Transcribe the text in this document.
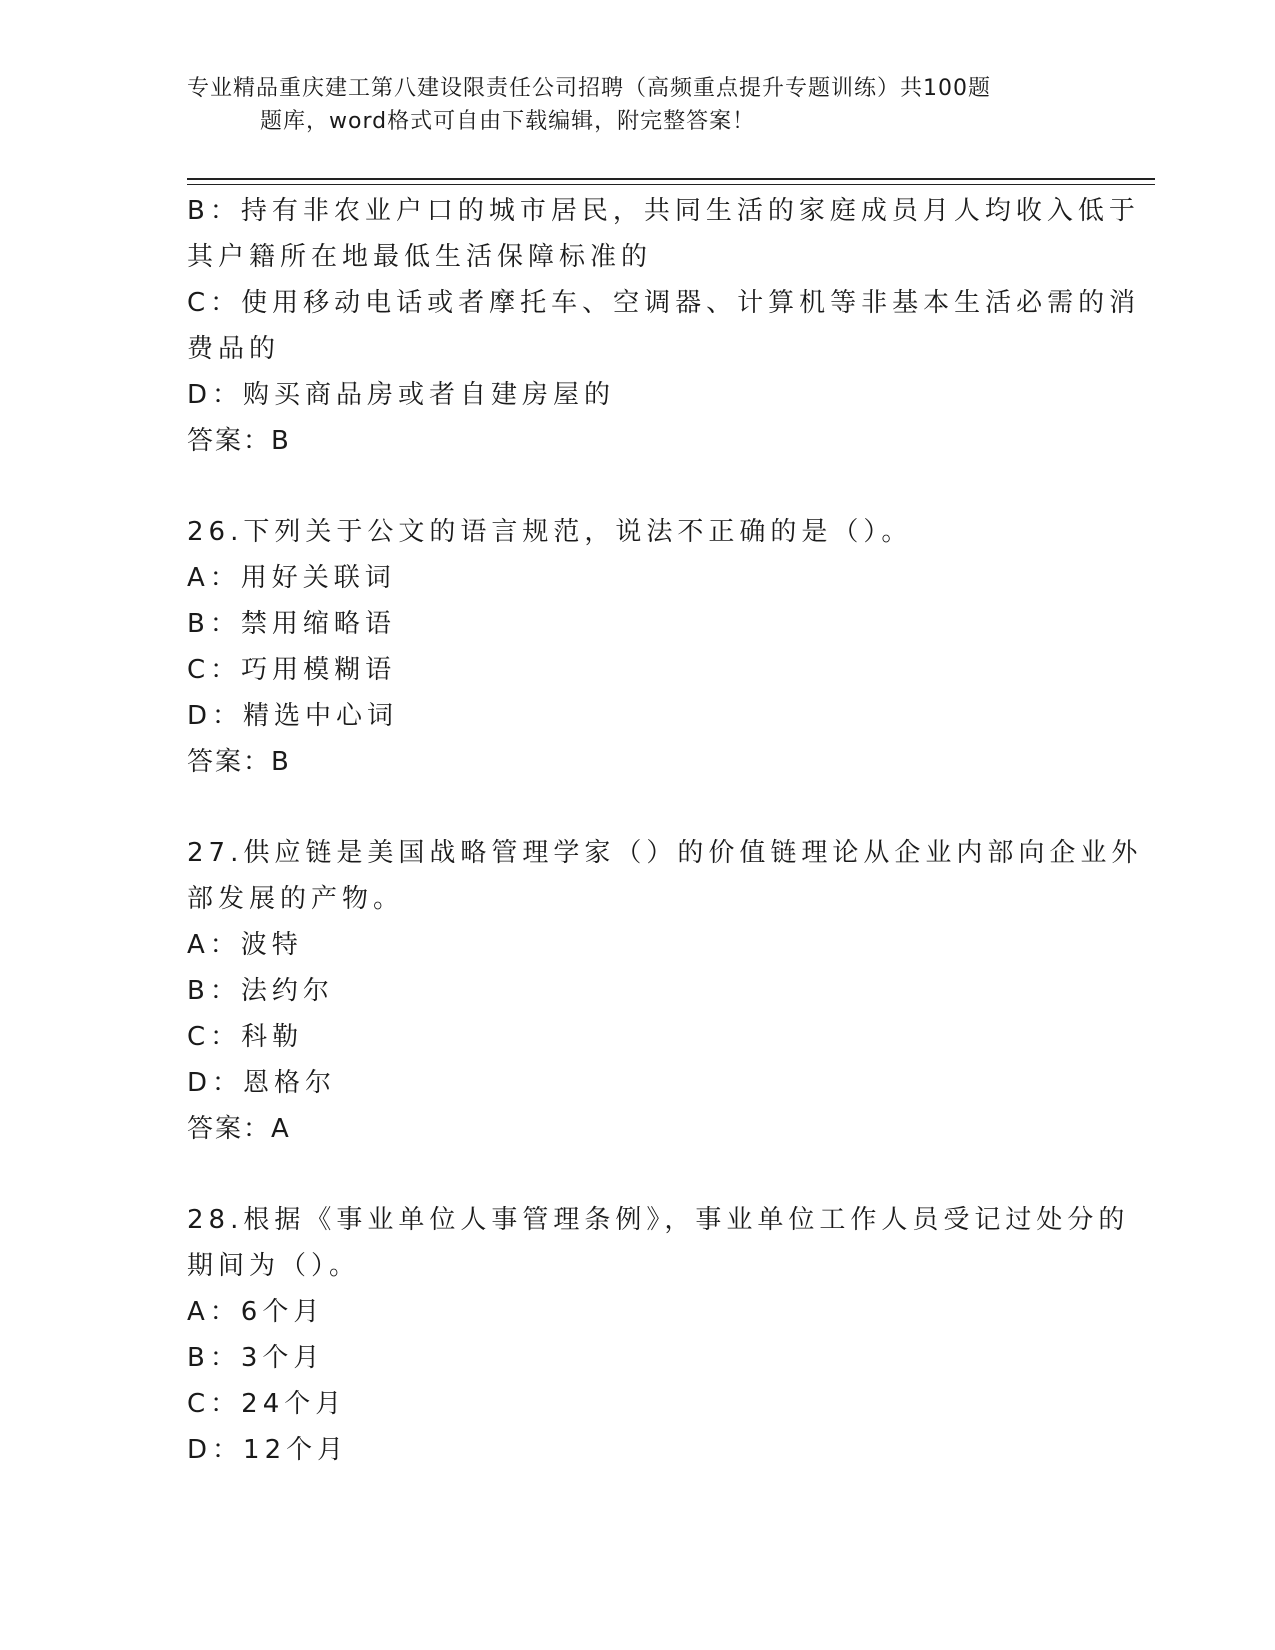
专业精品重庆建工第八建设限责任公司招聘（高频重点提升专题训练）共100题
题库，word格式可自由下载编辑，附完整答案！
B：持有非农业户口的城市居民，共同生活的家庭成员月人均收入低于
其户籍所在地最低生活保障标准的
C：使用移动电话或者摩托车、空调器、计算机等非基本生活必需的消
费品的
D：购买商品房或者自建房屋的
答案：B
26.下列关于公文的语言规范，说法不正确的是（）。
A：用好关联词
B：禁用缩略语
C：巧用模糊语
D：精选中心词
答案：B
27.供应链是美国战略管理学家（）的价值链理论从企业内部向企业外
部发展的产物。
A：波特
B：法约尔
C：科勒
D：恩格尔
答案：A
28.根据《事业单位人事管理条例》，事业单位工作人员受记过处分的
期间为（）。
A：6个月
B：3个月
C：24个月
D：12个月
